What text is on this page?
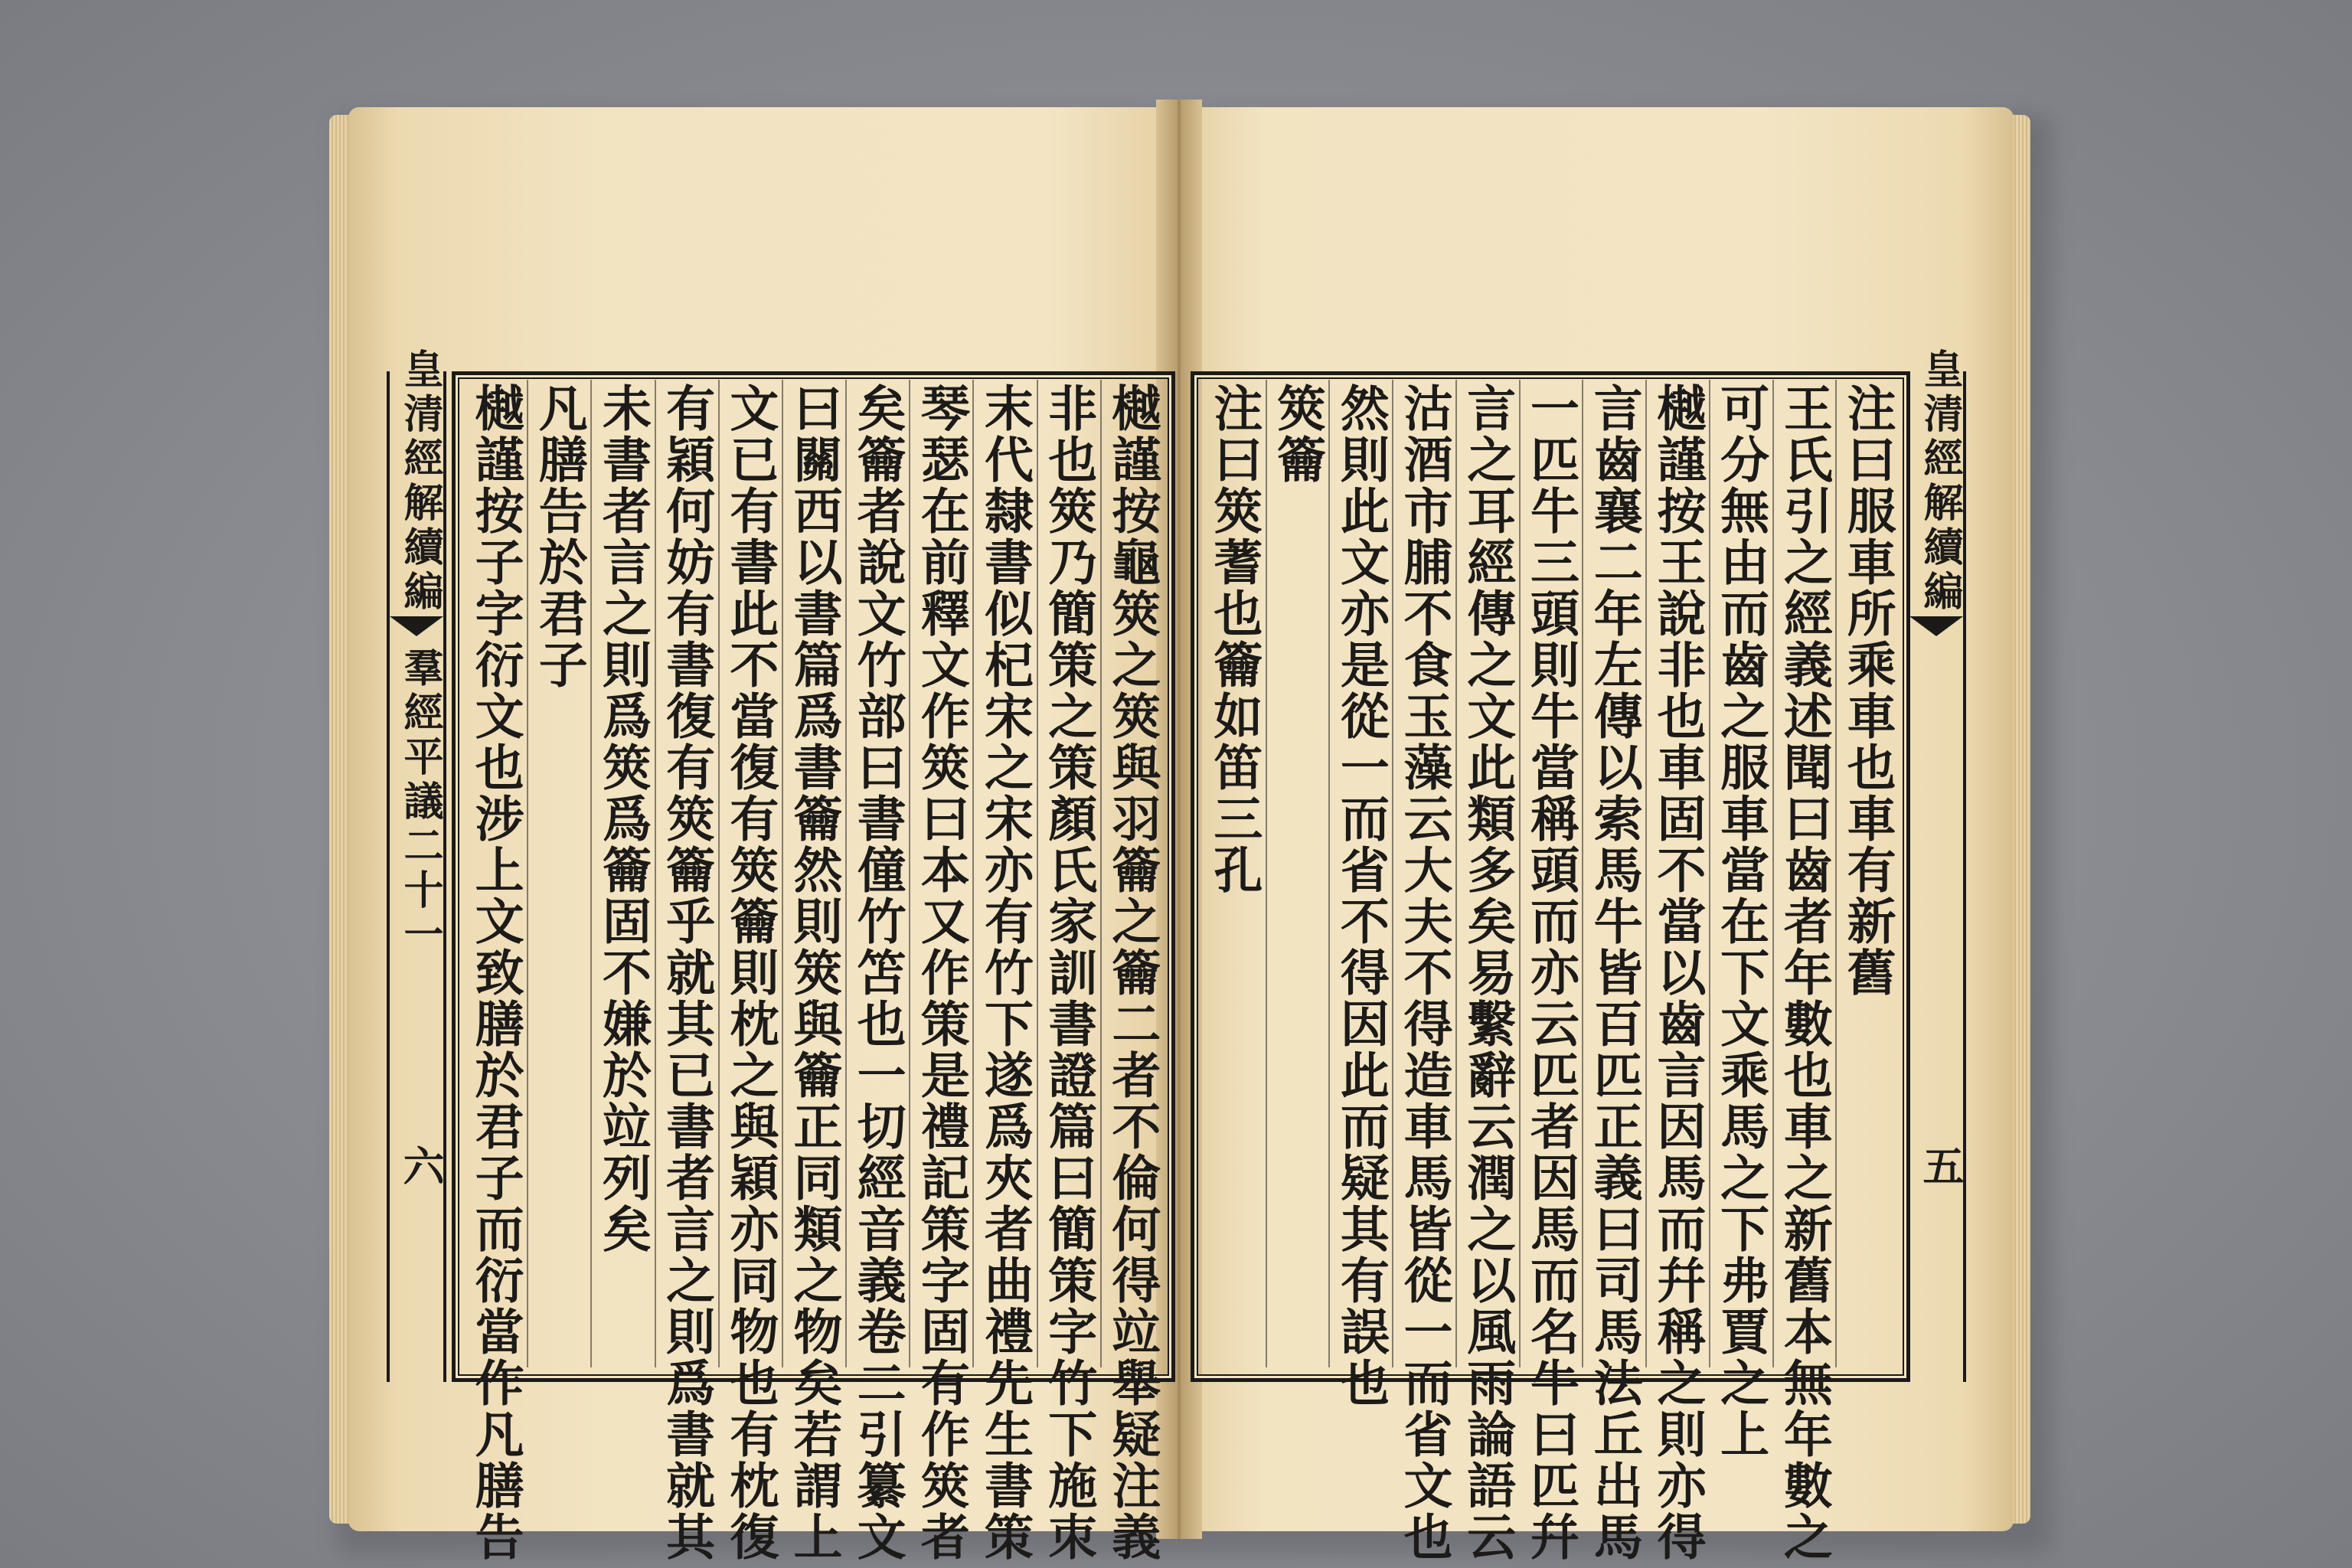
皇清經解續編
羣經平議二十一
六	樾謹按龜筴之筴與羽籥之籥二者不倫何得竝舉疑注義
非也筴乃簡策之策顏氏家訓書證篇曰簡策字竹下施朿
末代隸書似杞宋之宋亦有竹下遂爲夾者曲禮先生書策
琴瑟在前釋文作筴曰本又作策是禮記策字固有作筴者
矣籥者說文竹部曰書僮竹笘也一切經音義卷二引纂文
曰關西以書篇爲書籥然則筴與籥正同類之物矣若謂上
文已有書此不當復有筴籥則枕之與穎亦同物也有枕復
有穎何妨有書復有筴籥乎就其已書者言之則爲書就其
未書者言之則爲筴爲籥固不嫌於竝列矣
凡膳告於君子
樾謹按子字衍文也涉上文致膳於君子而衍當作凡膳告	注曰服車所乘車也車有新舊
王氏引之經義述聞曰齒者年數也車之新舊本無年數之
可分無由而齒之服車當在下文乘馬之下弗賈之上
樾謹按王說非也車固不當以齒言因馬而幷稱之則亦得
言齒襄二年左傳以索馬牛皆百匹正義曰司馬法丘出馬
一匹牛三頭則牛當稱頭而亦云匹者因馬而名牛曰匹幷
言之耳經傳之文此類多矣易繫辭云潤之以風雨論語云
沽酒市脯不食玉藻云大夫不得造車馬皆從一而省文也
然則此文亦是從一而省不得因此而疑其有誤也
筴籥
注曰筴蓍也籥如笛三孔	皇清經解續編
五
